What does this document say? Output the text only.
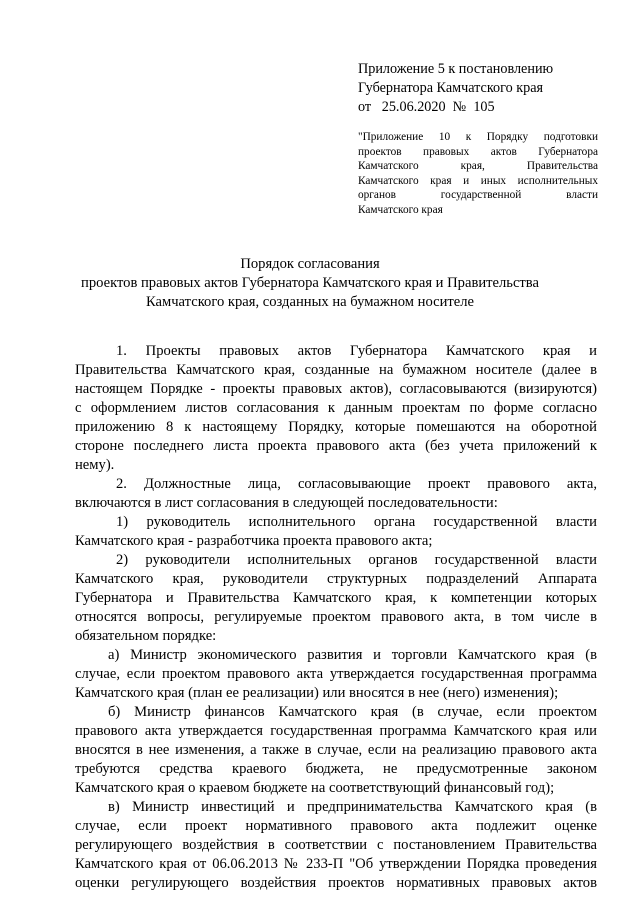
Приложение 5 к постановлению
Губернатора Камчатского края
от   25.06.2020  №  105
"Приложение 10 к Порядку подготовки
проектов правовых актов Губернатора
Камчатского края, Правительства
Камчатского края и иных исполнительных
органов государственной власти
Камчатского края
Порядок согласования
проектов правовых актов Губернатора Камчатского края и Правительства
Камчатского края, созданных на бумажном носителе
1. Проекты правовых актов Губернатора Камчатского края и
Правительства Камчатского края, созданные на бумажном носителе (далее в
настоящем Порядке - проекты правовых актов), согласовываются (визируются)
с оформлением листов согласования к данным проектам по форме согласно
приложению 8 к настоящему Порядку, которые помешаются на оборотной
стороне последнего листа проекта правового акта (без учета приложений к
нему).
2. Должностные лица, согласовывающие проект правового акта,
включаются в лист согласования в следующей последовательности:
1) руководитель исполнительного органа государственной власти
Камчатского края - разработчика проекта правового акта;
2) руководители исполнительных органов государственной власти
Камчатского края, руководители структурных подразделений Аппарата
Губернатора и Правительства Камчатского края, к компетенции которых
относятся вопросы, регулируемые проектом правового акта, в том числе в
обязательном порядке:
а) Министр экономического развития и торговли Камчатского края (в
случае, если проектом правового акта утверждается государственная программа
Камчатского края (план ее реализации) или вносятся в нее (него) изменения);
б) Министр финансов Камчатского края (в случае, если проектом
правового акта утверждается государственная программа Камчатского края или
вносятся в нее изменения, а также в случае, если на реализацию правового акта
требуются средства краевого бюджета, не предусмотренные законом
Камчатского края о краевом бюджете на соответствующий финансовый год);
в) Министр инвестиций и предпринимательства Камчатского края (в
случае, если проект нормативного правового акта подлежит оценке
регулирующего воздействия в соответствии с постановлением Правительства
Камчатского края от 06.06.2013 № 233-П "Об утверждении Порядка проведения
оценки регулирующего воздействия проектов нормативных правовых актов
